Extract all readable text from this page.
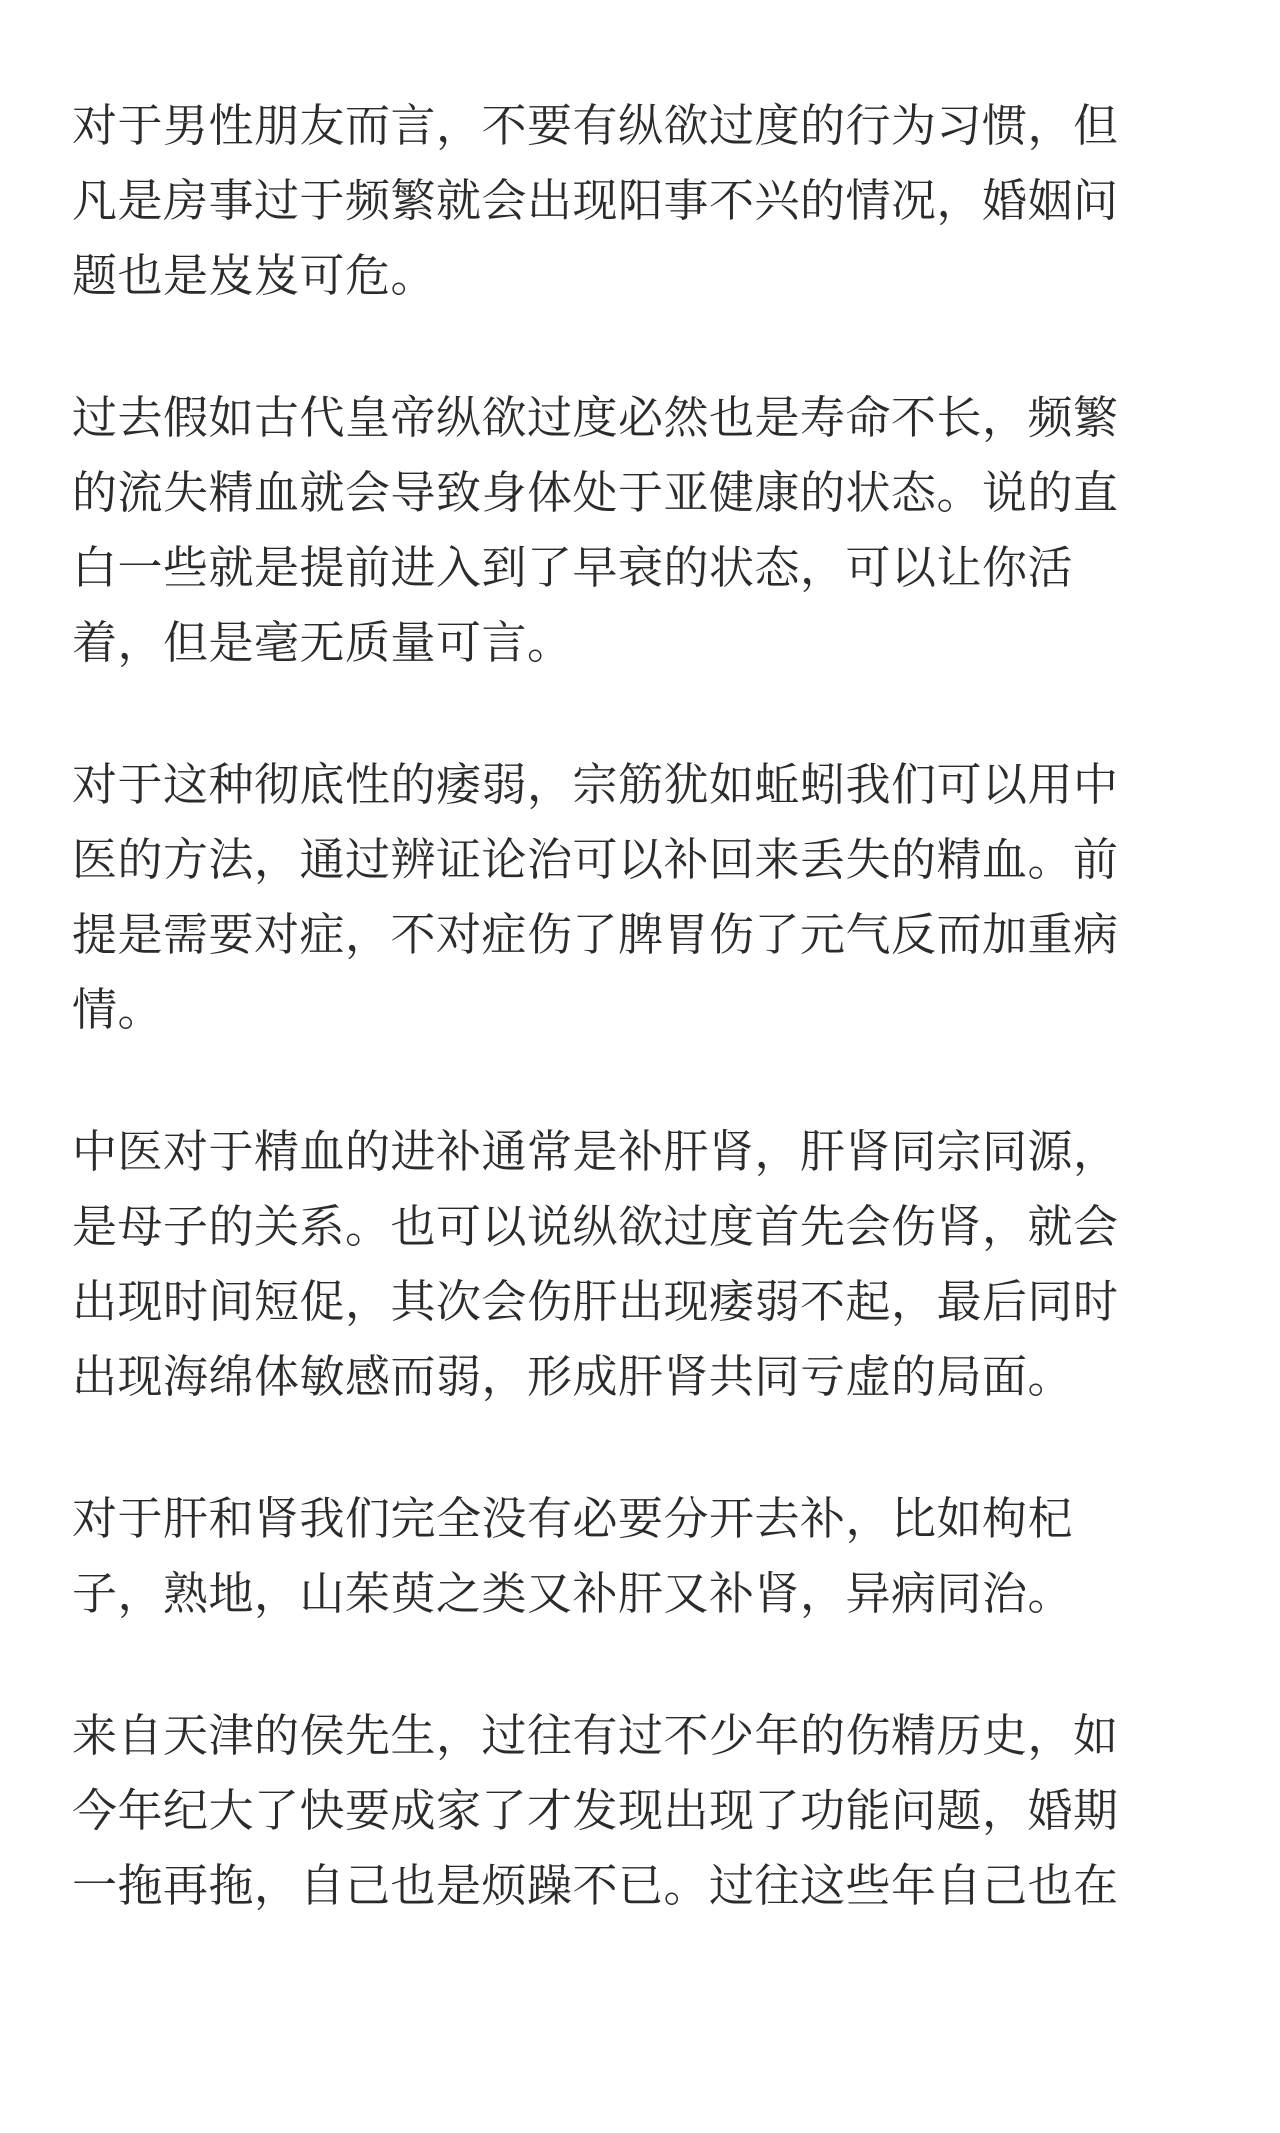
对于男性朋友而言，不要有纵欲过度的行为习惯，但
凡是房事过于频繁就会出现阳事不兴的情况，婚姻问
题也是岌岌可危。

过去假如古代皇帝纵欲过度必然也是寿命不长，频繁
的流失精血就会导致身体处于亚健康的状态。说的直
白一些就是提前进入到了早衰的状态，可以让你活
着，但是毫无质量可言。

对于这种彻底性的痿弱，宗筋犹如蚯蚓我们可以用中
医的方法，通过辨证论治可以补回来丢失的精血。前
提是需要对症，不对症伤了脾胃伤了元气反而加重病
情。

中医对于精血的进补通常是补肝肾，肝肾同宗同源，
是母子的关系。也可以说纵欲过度首先会伤肾，就会
出现时间短促，其次会伤肝出现痿弱不起，最后同时
出现海绵体敏感而弱，形成肝肾共同亏虚的局面。

对于肝和肾我们完全没有必要分开去补，比如枸杞
子，熟地，山茱萸之类又补肝又补肾，异病同治。

来自天津的侯先生，过往有过不少年的伤精历史，如
今年纪大了快要成家了才发现出现了功能问题，婚期
一拖再拖，自己也是烦躁不已。过往这些年自己也在
